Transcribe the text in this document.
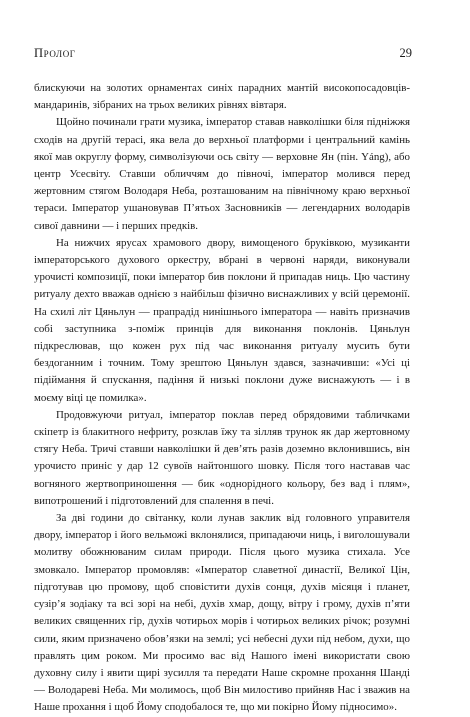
Пролог	29

блискуючи на золотих орнаментах синіх парадних мантій високопосадовців-мандаринів, зібраних на трьох великих рівнях вівтаря.

Щойно починали грати музика, імператор ставав навколішки біля підніжжя сходів на другій терасі, яка вела до верхньої платформи і центральний камінь якої мав округлу форму, символізуючи ось світу — верховне Ян (пін. Yáng), або центр Усесвіту. Ставши обличчям до півночі, імператор молився перед жертовним стягом Володаря Неба, розташованим на північному краю верхньої тераси. Імператор ушановував П’ятьох Засновників — легендарних володарів сивої давнини — і перших предків.

На нижчих ярусах храмового двору, вимощеного бруківкою, музиканти імператорського духового оркестру, вбрані в червоні наряди, виконували урочисті композиції, поки імператор бив поклони й припадав ниць. Цю частину ритуалу дехто вважав однією з найбільш фізично виснажливих у всій церемонії. На схилі літ Цяньлун — прапрадід нинішнього імператора — навіть призначив собі заступника з-поміж принців для виконання поклонів. Цяньлун підкреслював, що кожен рух під час виконання ритуалу мусить бути бездоганним і точним. Тому зрештою Цяньлун здався, зазначивши: «Усі ці підіймання й спускання, падіння й низькі поклони дуже виснажують — і в моєму віці це помилка».

Продовжуючи ритуал, імператор поклав перед обрядовими табличками скіпетр із блакитного нефриту, розклав їжу та зілляв трунок як дар жертовному стягу Неба. Тричі ставши навколішки й дев’ять разів доземно вклонившись, він урочисто приніс у дар 12 сувоїв найтоншого шовку. Після того наставав час вогняного жертвоприношення — бик «однорідного кольору, без вад і плям», випотрошений і підготовлений для спалення в печі.

За дві години до світанку, коли лунав заклик від головного управителя двору, імператор і його вельможі вклонялися, припадаючи ниць, і виголошували молитву обожнюваним силам природи. Після цього музика стихала. Усе змовкало. Імператор промовляв: «Імператор славетної династії, Великої Цін, підготував цю промову, щоб сповістити духів сонця, духів місяця і планет, сузір’я зодіаку та всі зорі на небі, духів хмар, дощу, вітру і грому, духів п’яти великих священних гір, духів чотирьох морів і чотирьох великих річок; розумні сили, яким призначено обов’язки на землі; усі небесні духи під небом, духи, що правлять цим роком. Ми просимо вас від Нашого імені використати свою духовну силу і явити щирі зусилля та передати Наше скромне прохання Шанді — Володареві Неба. Ми молимось, щоб Він милостиво прийняв Нас і зважив на Наше прохання і щоб Йому сподобалося те, що ми покірно Йому підносимо».
